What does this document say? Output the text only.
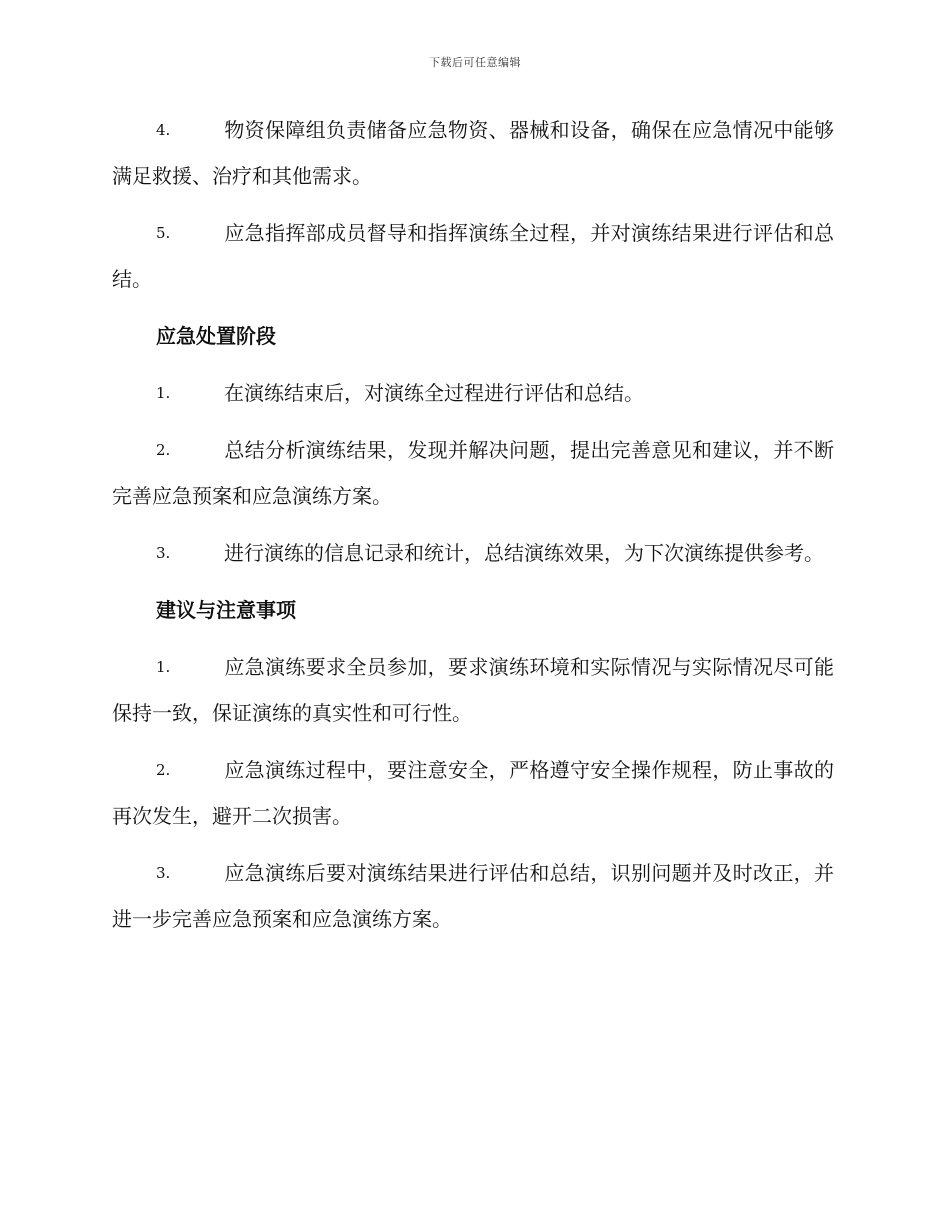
下载后可任意编辑

4.	物资保障组负责储备应急物资、器械和设备，确保在应急情况中能够满足救援、治疗和其他需求。

5.	应急指挥部成员督导和指挥演练全过程，并对演练结果进行评估和总结。

应急处置阶段

1.	在演练结束后，对演练全过程进行评估和总结。

2.	总结分析演练结果，发现并解决问题，提出完善意见和建议，并不断完善应急预案和应急演练方案。

3.	进行演练的信息记录和统计，总结演练效果，为下次演练提供参考。

建议与注意事项

1.	应急演练要求全员参加，要求演练环境和实际情况与实际情况尽可能保持一致，保证演练的真实性和可行性。

2.	应急演练过程中，要注意安全，严格遵守安全操作规程，防止事故的再次发生，避开二次损害。

3.	应急演练后要对演练结果进行评估和总结，识别问题并及时改正，并进一步完善应急预案和应急演练方案。
